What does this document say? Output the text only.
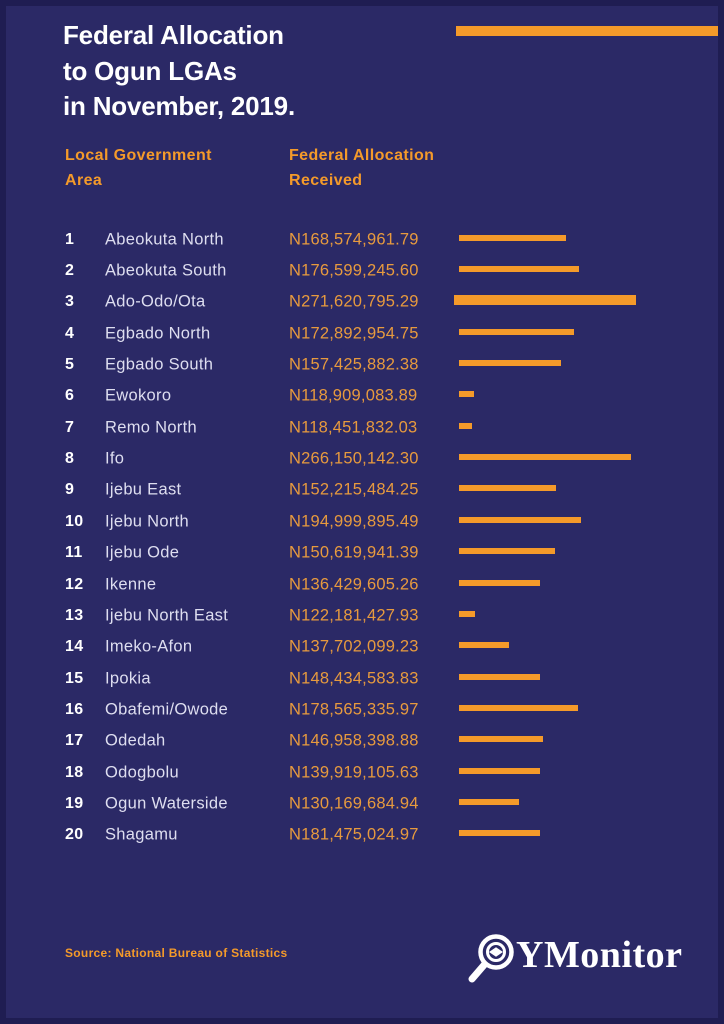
Federal Allocation
to Ogun LGAs
in November, 2019.
Local Government
Area
Federal Allocation
Received
1 Abeokuta North	N168,574,961.79
2 Abeokuta South	N176,599,245.60
3 Ado-Odo/Ota	N271,620,795.29
4 Egbado North	N172,892,954.75
5 Egbado South	N157,425,882.38
6 Ewokoro	N118,909,083.89
7 Remo North	N118,451,832.03
8 Ifo	N266,150,142.30
9 Ijebu East	N152,215,484.25
10 Ijebu North	N194,999,895.49
11 Ijebu Ode	N150,619,941.39
12 Ikenne	N136,429,605.26
13 Ijebu North East	N122,181,427.93
14 Imeko-Afon	N137,702,099.23
15 Ipokia	N148,434,583.83
16 Obafemi/Owode	N178,565,335.97
17 Odedah	N146,958,398.88
18 Odogbolu	N139,919,105.63
19 Ogun Waterside	N130,169,684.94
20 Shagamu	N181,475,024.97
Source: National Bureau of Statistics	YMonitor
